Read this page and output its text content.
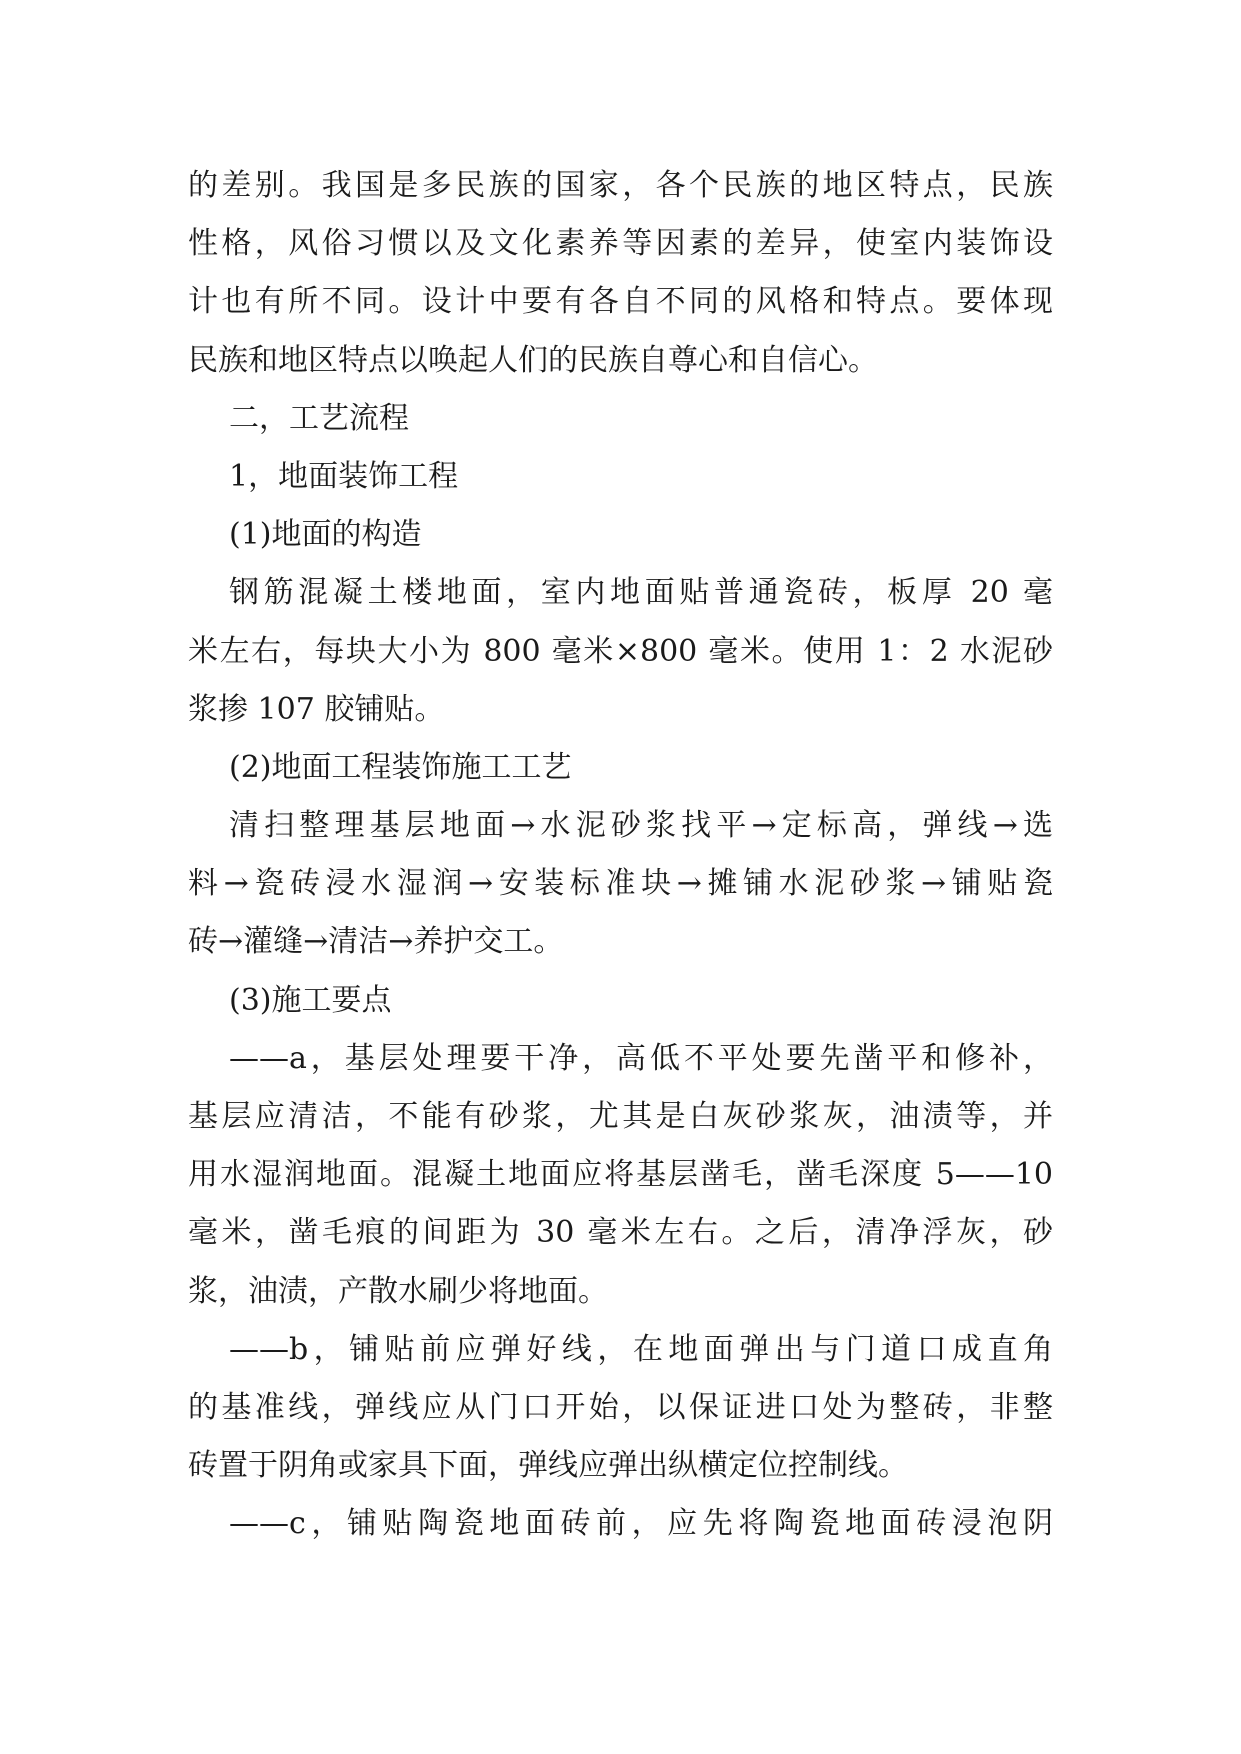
的差别。我国是多民族的国家，各个民族的地区特点，民族
性格，风俗习惯以及文化素养等因素的差异，使室内装饰设
计也有所不同。设计中要有各自不同的风格和特点。要体现
民族和地区特点以唤起人们的民族自尊心和自信心。
二，工艺流程
1，地面装饰工程
(1)地面的构造
钢筋混凝土楼地面，室内地面贴普通瓷砖，板厚 20 毫
米左右，每块大小为 800 毫米×800 毫米。使用 1：2 水泥砂
浆掺 107 胶铺贴。
(2)地面工程装饰施工工艺
清扫整理基层地面→水泥砂浆找平→定标高，弹线→选
料→瓷砖浸水湿润→安装标准块→摊铺水泥砂浆→铺贴瓷
砖→灌缝→清洁→养护交工。
(3)施工要点
——a，基层处理要干净，高低不平处要先凿平和修补，
基层应清洁，不能有砂浆，尤其是白灰砂浆灰，油渍等，并
用水湿润地面。混凝土地面应将基层凿毛，凿毛深度 5——10
毫米，凿毛痕的间距为 30 毫米左右。之后，清净浮灰，砂
浆，油渍，产散水刷少将地面。
——b，铺贴前应弹好线，在地面弹出与门道口成直角
的基准线，弹线应从门口开始，以保证进口处为整砖，非整
砖置于阴角或家具下面，弹线应弹出纵横定位控制线。
——c，铺贴陶瓷地面砖前，应先将陶瓷地面砖浸泡阴
